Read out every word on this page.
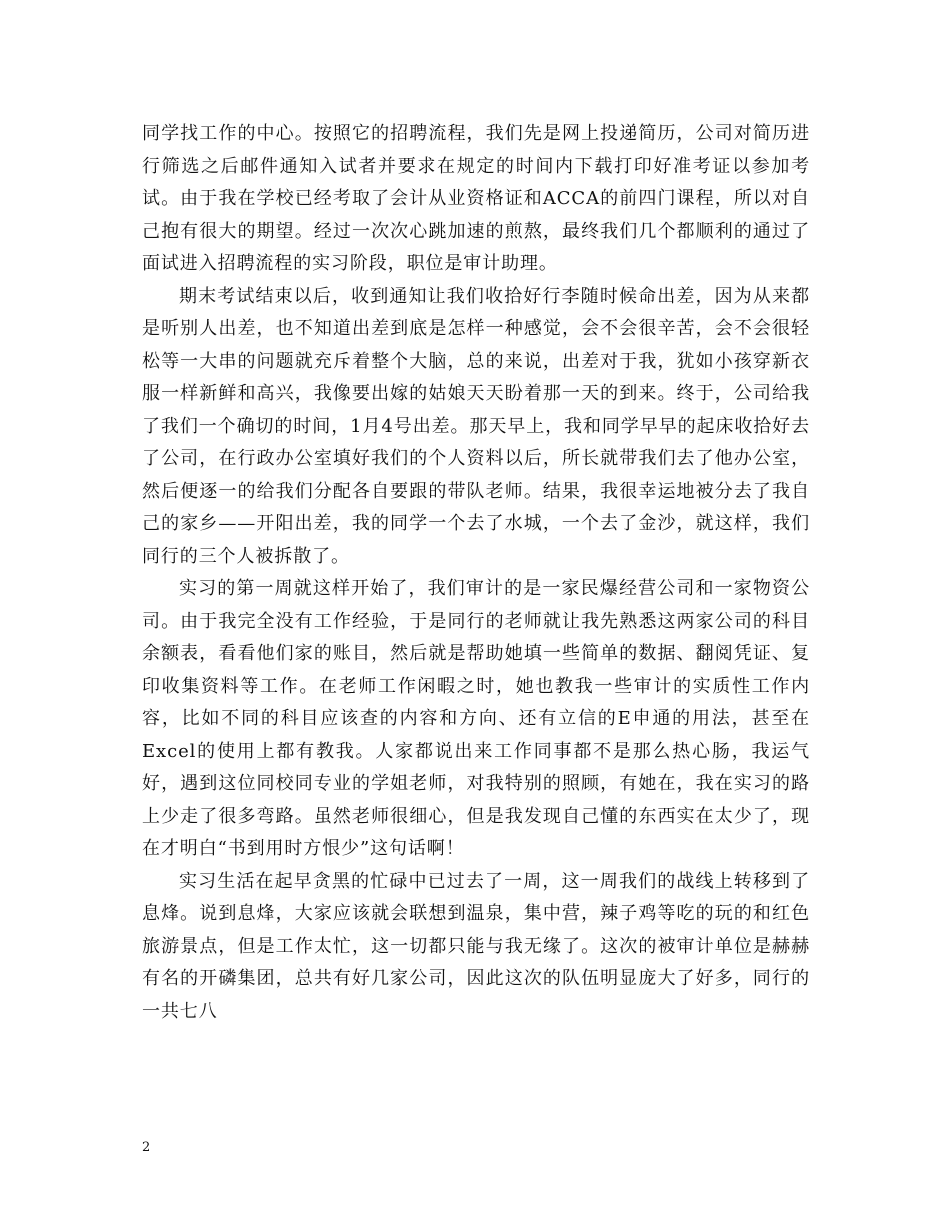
同学找工作的中心。按照它的招聘流程，我们先是网上投递简历，公司对简历进行筛选之后邮件通知入试者并要求在规定的时间内下载打印好准考证以参加考试。由于我在学校已经考取了会计从业资格证和ACCA的前四门课程，所以对自己抱有很大的期望。经过一次次心跳加速的煎熬，最终我们几个都顺利的通过了面试进入招聘流程的实习阶段，职位是审计助理。

期末考试结束以后，收到通知让我们收拾好行李随时候命出差，因为从来都是听别人出差，也不知道出差到底是怎样一种感觉，会不会很辛苦，会不会很轻松等一大串的问题就充斥着整个大脑，总的来说，出差对于我，犹如小孩穿新衣服一样新鲜和高兴，我像要出嫁的姑娘天天盼着那一天的到来。终于，公司给我了我们一个确切的时间，1月4号出差。那天早上，我和同学早早的起床收拾好去了公司，在行政办公室填好我们的个人资料以后，所长就带我们去了他办公室，然后便逐一的给我们分配各自要跟的带队老师。结果，我很幸运地被分去了我自己的家乡——开阳出差，我的同学一个去了水城，一个去了金沙，就这样，我们同行的三个人被拆散了。

实习的第一周就这样开始了，我们审计的是一家民爆经营公司和一家物资公司。由于我完全没有工作经验，于是同行的老师就让我先熟悉这两家公司的科目余额表，看看他们家的账目，然后就是帮助她填一些简单的数据、翻阅凭证、复印收集资料等工作。在老师工作闲暇之时，她也教我一些审计的实质性工作内容，比如不同的科目应该查的内容和方向、还有立信的E申通的用法，甚至在Excel的使用上都有教我。人家都说出来工作同事都不是那么热心肠，我运气好，遇到这位同校同专业的学姐老师，对我特别的照顾，有她在，我在实习的路上少走了很多弯路。虽然老师很细心，但是我发现自己懂的东西实在太少了，现在才明白“书到用时方恨少”这句话啊！

实习生活在起早贪黑的忙碌中已过去了一周，这一周我们的战线上转移到了息烽。说到息烽，大家应该就会联想到温泉，集中营，辣子鸡等吃的玩的和红色旅游景点，但是工作太忙，这一切都只能与我无缘了。这次的被审计单位是赫赫有名的开磷集团，总共有好几家公司，因此这次的队伍明显庞大了好多，同行的一共七八

2
